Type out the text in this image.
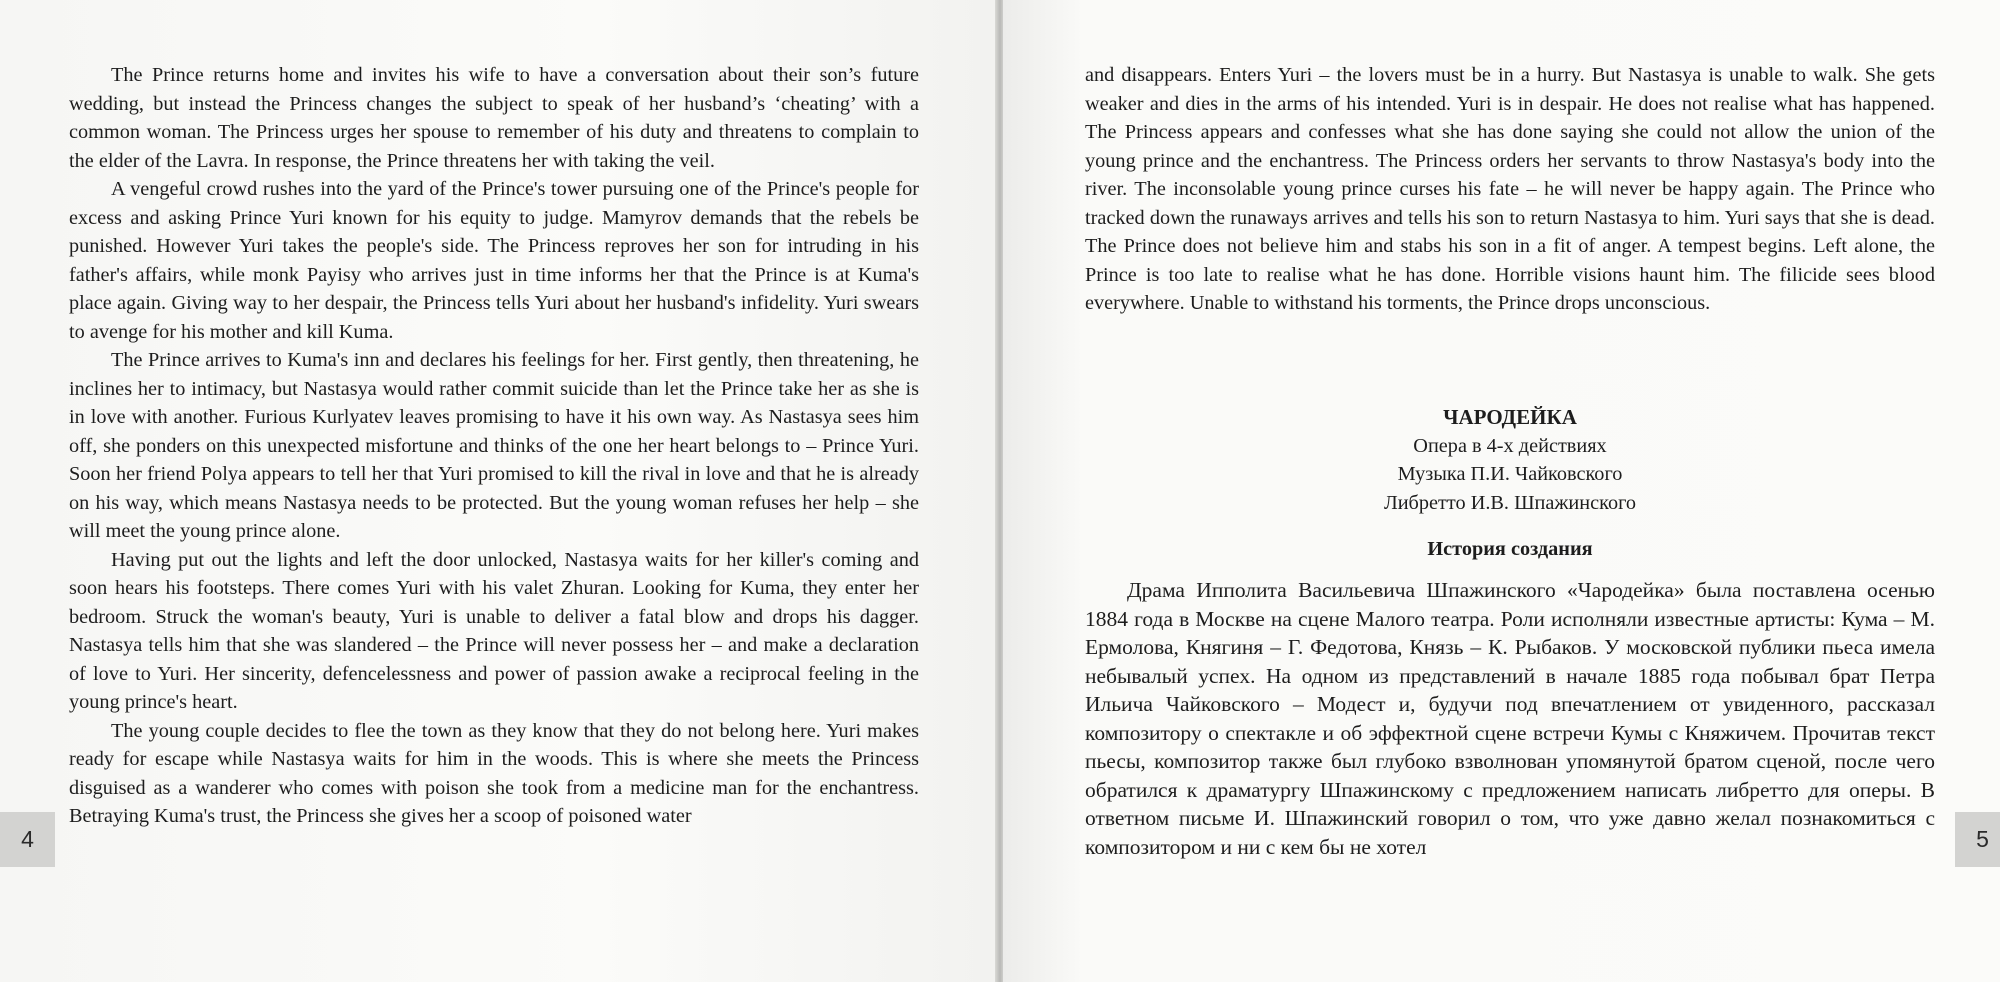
The Prince returns home and invites his wife to have a conversation about their son’s future wedding, but instead the Princess changes the subject to speak of her husband’s ‘cheating’ with a common woman. The Princess urges her spouse to remember of his duty and threatens to complain to the elder of the Lavra. In response, the Prince threatens her with taking the veil.

A vengeful crowd rushes into the yard of the Prince's tower pursuing one of the Prince's people for excess and asking Prince Yuri known for his equity to judge. Mamyrov demands that the rebels be punished. However Yuri takes the people's side. The Princess reproves her son for intruding in his father's affairs, while monk Payisy who arrives just in time informs her that the Prince is at Kuma's place again. Giving way to her despair, the Princess tells Yuri about her husband's infidelity. Yuri swears to avenge for his mother and kill Kuma.

The Prince arrives to Kuma's inn and declares his feelings for her. First gently, then threatening, he inclines her to intimacy, but Nastasya would rather commit suicide than let the Prince take her as she is in love with another. Furious Kurlyatev leaves promising to have it his own way. As Nastasya sees him off, she ponders on this unexpected misfortune and thinks of the one her heart belongs to – Prince Yuri. Soon her friend Polya appears to tell her that Yuri promised to kill the rival in love and that he is already on his way, which means Nastasya needs to be protected. But the young woman refuses her help – she will meet the young prince alone.

Having put out the lights and left the door unlocked, Nastasya waits for her killer's coming and soon hears his footsteps. There comes Yuri with his valet Zhuran. Looking for Kuma, they enter her bedroom. Struck the woman's beauty, Yuri is unable to deliver a fatal blow and drops his dagger. Nastasya tells him that she was slandered – the Prince will never possess her – and make a declaration of love to Yuri. Her sincerity, defencelessness and power of passion awake a reciprocal feeling in the young prince's heart.

The young couple decides to flee the town as they know that they do not belong here. Yuri makes ready for escape while Nastasya waits for him in the woods. This is where she meets the Princess disguised as a wanderer who comes with poison she took from a medicine man for the enchantress. Betraying Kuma's trust, the Princess she gives her a scoop of poisoned water

and disappears. Enters Yuri – the lovers must be in a hurry. But Nastasya is unable to walk. She gets weaker and dies in the arms of his intended. Yuri is in despair. He does not realise what has happened. The Princess appears and confesses what she has done saying she could not allow the union of the young prince and the enchantress. The Princess orders her servants to throw Nastasya's body into the river. The inconsolable young prince curses his fate – he will never be happy again. The Prince who tracked down the runaways arrives and tells his son to return Nastasya to him. Yuri says that she is dead. The Prince does not believe him and stabs his son in a fit of anger. A tempest begins. Left alone, the Prince is too late to realise what he has done. Horrible visions haunt him. The filicide sees blood everywhere. Unable to withstand his torments, the Prince drops unconscious.

ЧАРОДЕЙКА
Опера в 4-х действиях
Музыка П.И. Чайковского
Либретто И.В. Шпажинского
История создания

Драма Ипполита Васильевича Шпажинского «Чародейка» была поставлена осенью 1884 года в Москве на сцене Малого театра. Роли исполняли известные артисты: Кума – М. Ермолова, Княгиня – Г. Федотова, Князь – К. Рыбаков. У московской публики пьеса имела небывалый успех. На одном из представлений в начале 1885 года побывал брат Петра Ильича Чайковского – Модест и, будучи под впечатлением от увиденного, рассказал композитору о спектакле и об эффектной сцене встречи Кумы с Княжичем. Прочитав текст пьесы, композитор также был глубоко взволнован упомянутой братом сценой, после чего обратился к драматургу Шпажинскому с предложением написать либретто для оперы. В ответном письме И. Шпажинский говорил о том, что уже давно желал познакомиться с композитором и ни с кем бы не хотел

4	5
